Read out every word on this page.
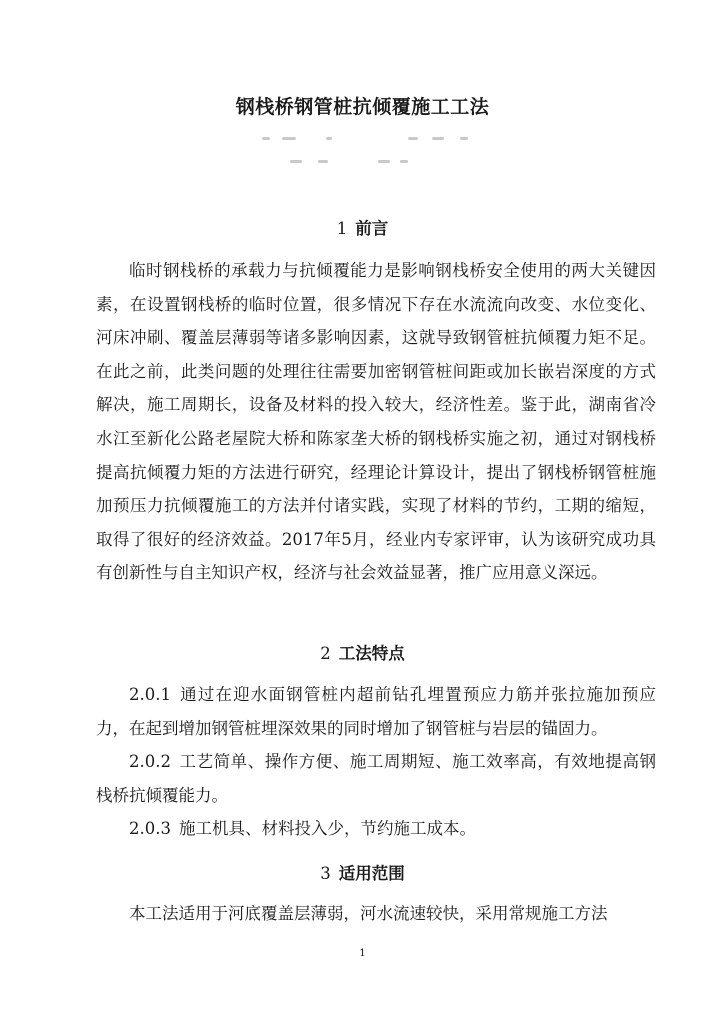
钢栈桥钢管桩抗倾覆施工工法
1 前言

临时钢栈桥的承载力与抗倾覆能力是影响钢栈桥安全使用的两大关键因素，在设置钢栈桥的临时位置，很多情况下存在水流流向改变、水位变化、河床冲刷、覆盖层薄弱等诸多影响因素，这就导致钢管桩抗倾覆力矩不足。在此之前，此类问题的处理往往需要加密钢管桩间距或加长嵌岩深度的方式解决，施工周期长，设备及材料的投入较大，经济性差。鉴于此，湖南省冷水江至新化公路老屋院大桥和陈家垄大桥的钢栈桥实施之初，通过对钢栈桥提高抗倾覆力矩的方法进行研究，经理论计算设计，提出了钢栈桥钢管桩施加预压力抗倾覆施工的方法并付诸实践，实现了材料的节约，工期的缩短，取得了很好的经济效益。2017年5月，经业内专家评审，认为该研究成功具有创新性与自主知识产权，经济与社会效益显著，推广应用意义深远。

2 工法特点

2.0.1 通过在迎水面钢管桩内超前钻孔埋置预应力筋并张拉施加预应力，在起到增加钢管桩埋深效果的同时增加了钢管桩与岩层的锚固力。

2.0.2 工艺简单、操作方便、施工周期短、施工效率高，有效地提高钢栈桥抗倾覆能力。

2.0.3 施工机具、材料投入少，节约施工成本。

3 适用范围

本工法适用于河底覆盖层薄弱，河水流速较快，采用常规施工方法

1
